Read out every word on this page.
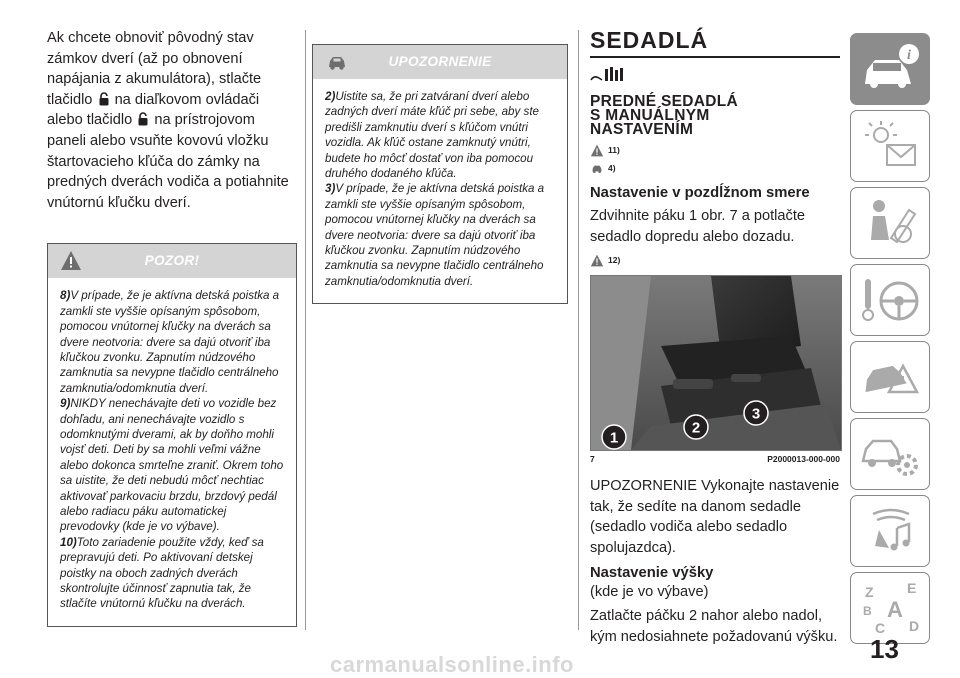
Ak chcete obnoviť pôvodný stav zámkov dverí (až po obnovení napájania z akumulátora), stlačte tlačidlo na diaľkovom ovládači alebo tlačidlo na prístrojovom paneli alebo vsuňte kovovú vložku štartovacieho kľúča do zámky na predných dverách vodiča a potiahnite vnútornú kľučku dverí.

POZOR!

8)V prípade, že je aktívna detská poistka a zamkli ste vyššie opísaným spôsobom, pomocou vnútornej kľučky na dverách sa dvere neotvoria: dvere sa dajú otvoriť iba kľučkou zvonku. Zapnutím núdzového zamknutia sa nevypne tlačidlo centrálneho zamknutia/odomknutia dverí.

9)NIKDY nenechávajte deti vo vozidle bez dohľadu, ani nenechávajte vozidlo s odomknutými dverami, ak by doňho mohli vojsť deti. Deti by sa mohli veľmi vážne alebo dokonca smrteľne zraniť. Okrem toho sa uistite, že deti nebudú môcť nechtiac aktivovať parkovaciu brzdu, brzdový pedál alebo radiacu páku automatickej prevodovky (kde je vo výbave).

10)Toto zariadenie použite vždy, keď sa prepravujú deti. Po aktivovaní detskej poistky na oboch zadných dverách skontrolujte účinnosť zapnutia tak, že stlačíte vnútornú kľučku na dverách.

UPOZORNENIE

2)Uistite sa, že pri zatváraní dverí alebo zadných dverí máte kľúč pri sebe, aby ste predišli zamknutiu dverí s kľúčom vnútri vozidla. Ak kľúč ostane zamknutý vnútri, budete ho môcť dostať von iba pomocou druhého dodaného kľúča.

3)V prípade, že je aktívna detská poistka a zamkli ste vyššie opísaným spôsobom, pomocou vnútornej kľučky na dverách sa dvere neotvoria: dvere sa dajú otvoriť iba kľučkou zvonku. Zapnutím núdzového zamknutia sa nevypne tlačidlo centrálneho zamknutia/odomknutia dverí.

SEDADLÁ
PREDNÉ SEDADLÁ
S MANUÁLNYM
NASTAVENÍM
11)
4)

Nastavenie v pozdĺžnom smere

Zdvihnite páku 1 obr. 7 a potlačte sedadlo dopredu alebo dozadu.

12)
1
2
3
7	P2000013-000-000

UPOZORNENIE Vykonajte nastavenie tak, že sedíte na danom sedadle (sedadlo vodiča alebo sedadlo spolujazdca).

Nastavenie výšky

(kde je vo výbave)

Zatlačte páčku 2 nahor alebo nadol, kým nedosiahnete požadovanú výšku.

i
Z E
B A
C D
13
carmanualsonline.info
